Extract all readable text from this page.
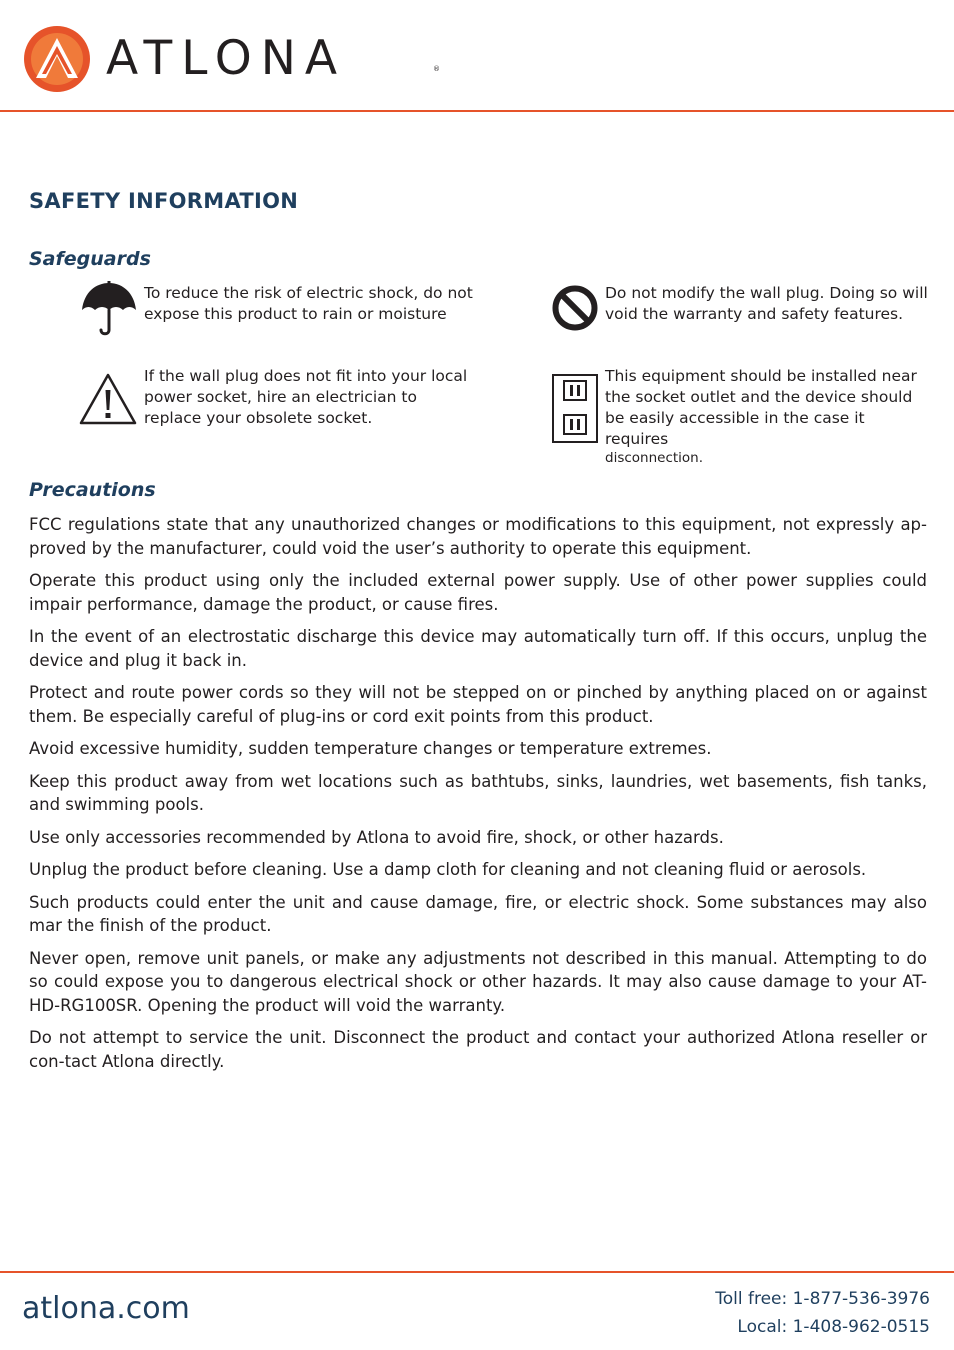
ATLONA	®
SAFETY INFORMATION
Safeguards
To reduce the risk of electric shock, do not expose this product to rain or moisture
Do not modify the wall plug. Doing so will void the warranty and safety features.
If the wall plug does not fit into your local power socket, hire an electrician to replace your obsolete socket.
This equipment should be installed near the socket outlet and the device should be easily accessible in the case it requires
disconnection.
Precautions

FCC regulations state that any unauthorized changes or modifications to this equipment, not expressly ap-proved by the manufacturer, could void the user’s authority to operate this equipment.

Operate this product using only the included external power supply. Use of other power supplies could impair performance, damage the product, or cause fires.

In the event of an electrostatic discharge this device may automatically turn off. If this occurs, unplug the device and plug it back in.

Protect and route power cords so they will not be stepped on or pinched by anything placed on or against them. Be especially careful of plug-ins or cord exit points from this product.

Avoid excessive humidity, sudden temperature changes or temperature extremes.

Keep this product away from wet locations such as bathtubs, sinks, laundries, wet basements, fish tanks, and swimming pools.

Use only accessories recommended by Atlona to avoid fire, shock, or other hazards.

Unplug the product before cleaning. Use a damp cloth for cleaning and not cleaning fluid or aerosols.

Such products could enter the unit and cause damage, fire, or electric shock. Some substances may also mar the finish of the product.

Never open, remove unit panels, or make any adjustments not described in this manual. Attempting to do so could expose you to dangerous electrical shock or other hazards. It may also cause damage to your AT-HD-RG100SR. Opening the product will void the warranty.

Do not attempt to service the unit. Disconnect the product and contact your authorized Atlona reseller or con-tact Atlona directly.

atlona.com	Toll free: 1-877-536-3976
Local: 1-408-962-0515
